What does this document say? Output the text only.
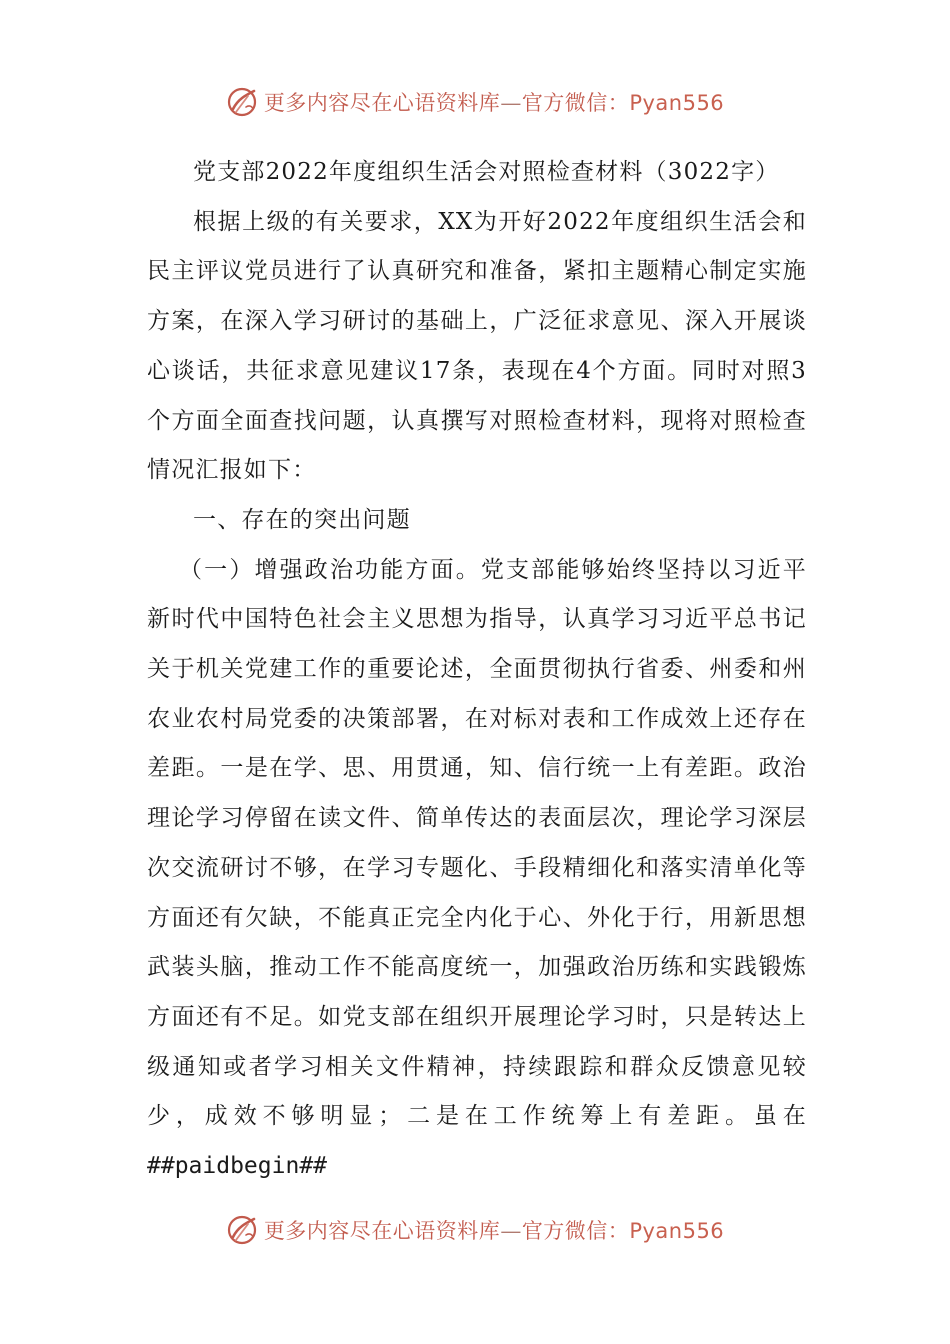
更多内容尽在心语资料库—官方微信：Pyan556

党支部2022年度组织生活会对照检查材料（3022字）

根据上级的有关要求，XX为开好2022年度组织生活会和民主评议党员进行了认真研究和准备，紧扣主题精心制定实施方案，在深入学习研讨的基础上，广泛征求意见、深入开展谈心谈话，共征求意见建议17条，表现在4个方面。同时对照3个方面全面查找问题，认真撰写对照检查材料，现将对照检查情况汇报如下：

一、存在的突出问题

（一）增强政治功能方面。党支部能够始终坚持以习近平新时代中国特色社会主义思想为指导，认真学习习近平总书记关于机关党建工作的重要论述，全面贯彻执行省委、州委和州农业农村局党委的决策部署，在对标对表和工作成效上还存在差距。一是在学、思、用贯通，知、信行统一上有差距。政治理论学习停留在读文件、简单传达的表面层次，理论学习深层次交流研讨不够，在学习专题化、手段精细化和落实清单化等方面还有欠缺，不能真正完全内化于心、外化于行，用新思想武装头脑，推动工作不能高度统一，加强政治历练和实践锻炼方面还有不足。如党支部在组织开展理论学习时，只是转达上级通知或者学习相关文件精神，持续跟踪和群众反馈意见较少，成效不够明显；二是在工作统筹上有差距。虽在##paidbegin##

更多内容尽在心语资料库—官方微信：Pyan556
